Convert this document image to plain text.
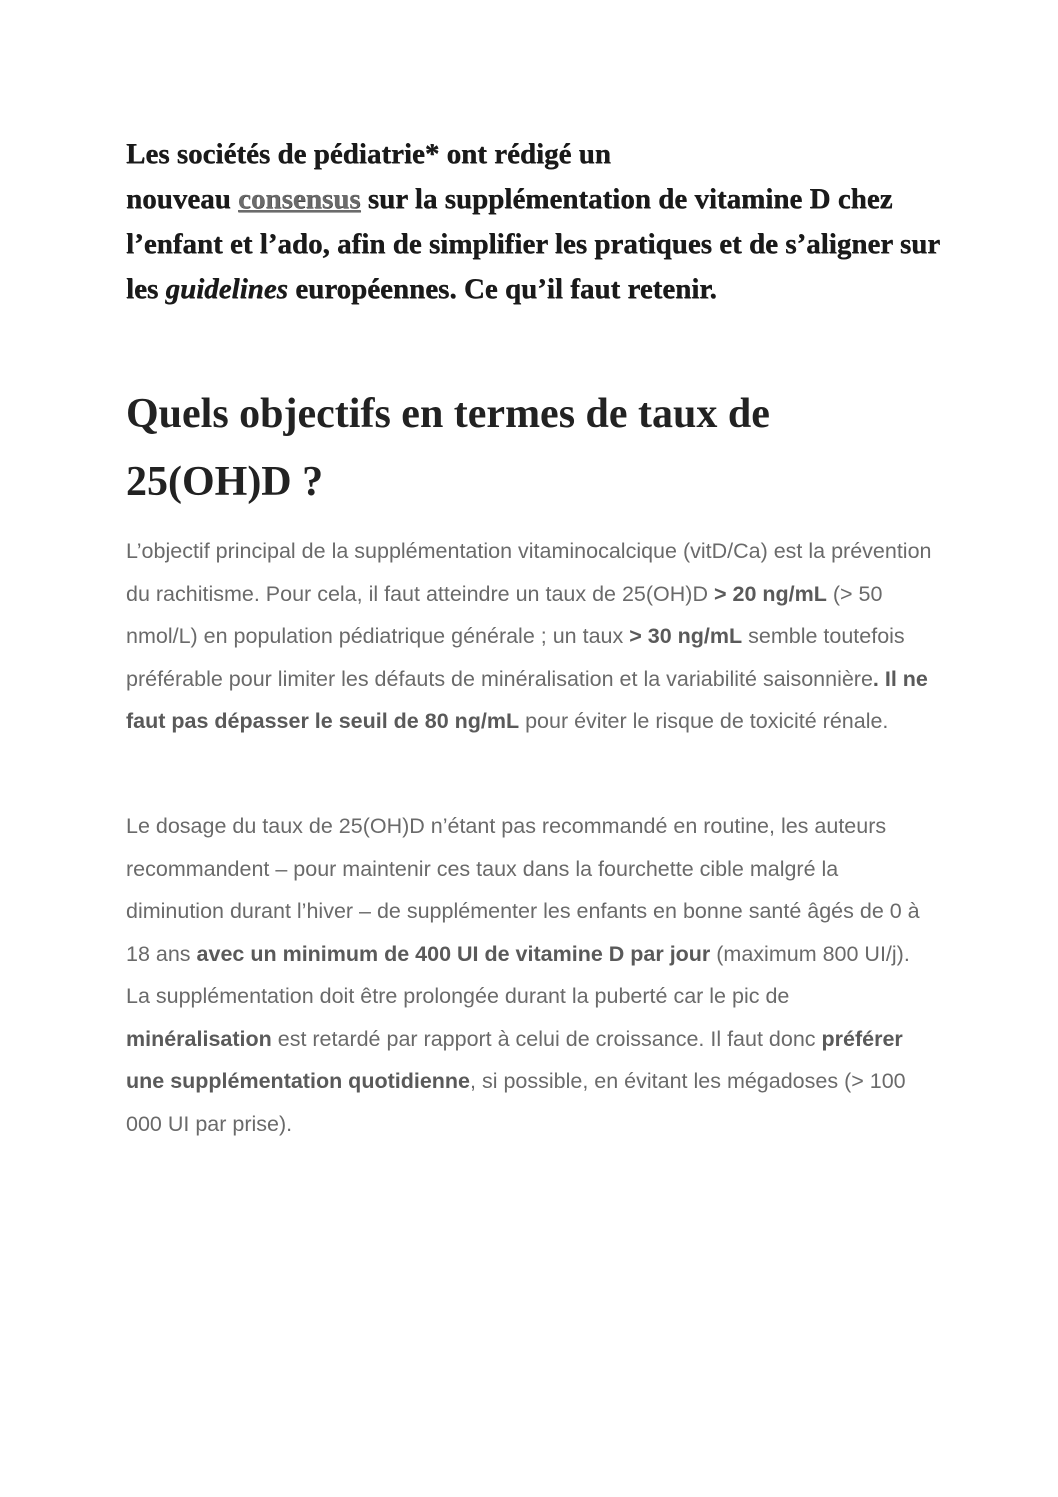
Les sociétés de pédiatrie* ont rédigé un
nouveau consensus sur la supplémentation de vitamine D chez l’enfant et l’ado, afin de simplifier les pratiques et de s’aligner sur les guidelines européennes. Ce qu’il faut retenir.

Quels objectifs en termes de taux de 25(OH)D ?

L’objectif principal de la supplémentation vitaminocalcique (vitD/Ca) est la prévention du rachitisme. Pour cela, il faut atteindre un taux de 25(OH)D > 20 ng/mL (> 50 nmol/L) en population pédiatrique générale ; un taux > 30 ng/mL semble toutefois préférable pour limiter les défauts de minéralisation et la variabilité saisonnière. Il ne faut pas dépasser le seuil de 80 ng/mL pour éviter le risque de toxicité rénale.

Le dosage du taux de 25(OH)D n’étant pas recommandé en routine, les auteurs recommandent – pour maintenir ces taux dans la fourchette cible malgré la diminution durant l’hiver – de supplémenter les enfants en bonne santé âgés de 0 à 18 ans avec un minimum de 400 UI de vitamine D par jour (maximum 800 UI/j). La supplémentation doit être prolongée durant la puberté car le pic de minéralisation est retardé par rapport à celui de croissance. Il faut donc préférer une supplémentation quotidienne, si possible, en évitant les mégadoses (> 100 000 UI par prise).
